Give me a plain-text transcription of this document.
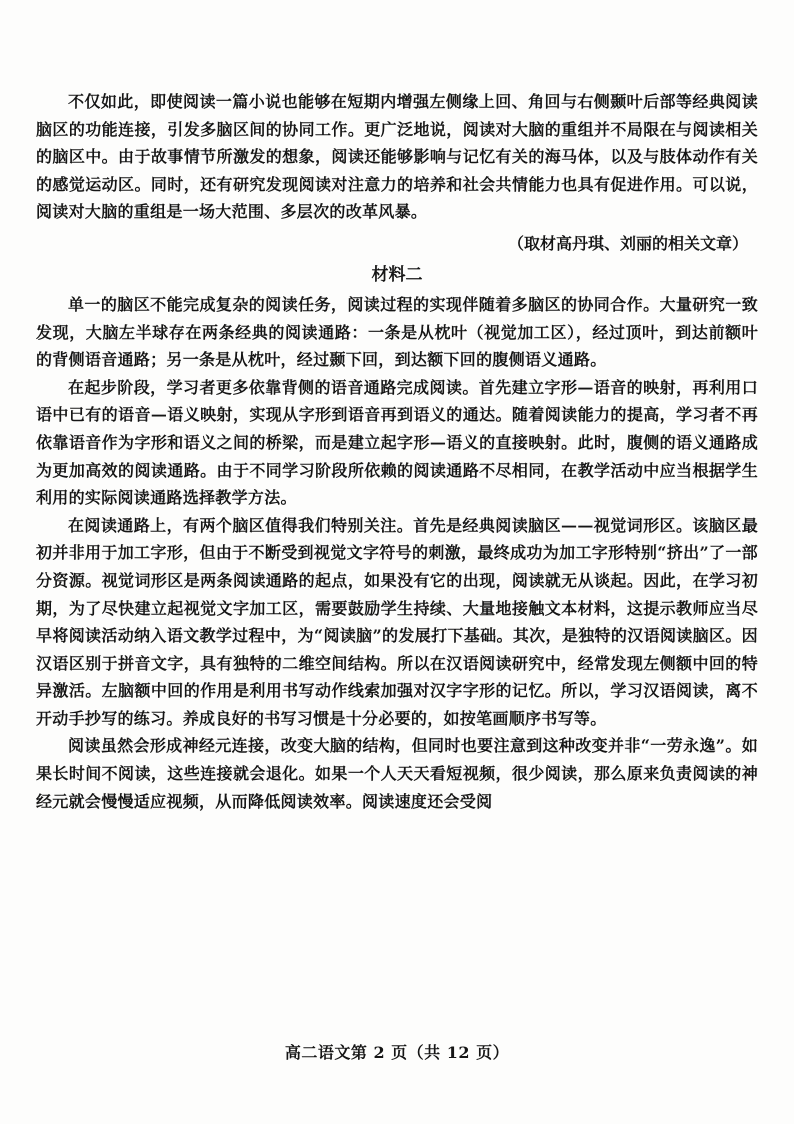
不仅如此，即使阅读一篇小说也能够在短期内增强左侧缘上回、角回与右侧颞叶后部等经典阅读脑区的功能连接，引发多脑区间的协同工作。更广泛地说，阅读对大脑的重组并不局限在与阅读相关的脑区中。由于故事情节所激发的想象，阅读还能够影响与记忆有关的海马体，以及与肢体动作有关的感觉运动区。同时，还有研究发现阅读对注意力的培养和社会共情能力也具有促进作用。可以说，阅读对大脑的重组是一场大范围、多层次的改革风暴。

（取材高丹琪、刘丽的相关文章）
材料二

单一的脑区不能完成复杂的阅读任务，阅读过程的实现伴随着多脑区的协同合作。大量研究一致发现，大脑左半球存在两条经典的阅读通路：一条是从枕叶（视觉加工区），经过顶叶，到达前额叶的背侧语音通路；另一条是从枕叶，经过颞下回，到达额下回的腹侧语义通路。

在起步阶段，学习者更多依靠背侧的语音通路完成阅读。首先建立字形—语音的映射，再利用口语中已有的语音—语义映射，实现从字形到语音再到语义的通达。随着阅读能力的提高，学习者不再依靠语音作为字形和语义之间的桥梁，而是建立起字形—语义的直接映射。此时，腹侧的语义通路成为更加高效的阅读通路。由于不同学习阶段所依赖的阅读通路不尽相同，在教学活动中应当根据学生利用的实际阅读通路选择教学方法。

在阅读通路上，有两个脑区值得我们特别关注。首先是经典阅读脑区——视觉词形区。该脑区最初并非用于加工字形，但由于不断受到视觉文字符号的刺激，最终成功为加工字形特别“挤出”了一部分资源。视觉词形区是两条阅读通路的起点，如果没有它的出现，阅读就无从谈起。因此，在学习初期，为了尽快建立起视觉文字加工区，需要鼓励学生持续、大量地接触文本材料，这提示教师应当尽早将阅读活动纳入语文教学过程中，为“阅读脑”的发展打下基础。其次，是独特的汉语阅读脑区。因汉语区别于拼音文字，具有独特的二维空间结构。所以在汉语阅读研究中，经常发现左侧额中回的特异激活。左脑额中回的作用是利用书写动作线索加强对汉字字形的记忆。所以，学习汉语阅读，离不开动手抄写的练习。养成良好的书写习惯是十分必要的，如按笔画顺序书写等。

阅读虽然会形成神经元连接，改变大脑的结构，但同时也要注意到这种改变并非“一劳永逸”。如果长时间不阅读，这些连接就会退化。如果一个人天天看短视频，很少阅读，那么原来负责阅读的神经元就会慢慢适应视频，从而降低阅读效率。阅读速度还会受阅

高二语文第 2 页（共 12 页）
